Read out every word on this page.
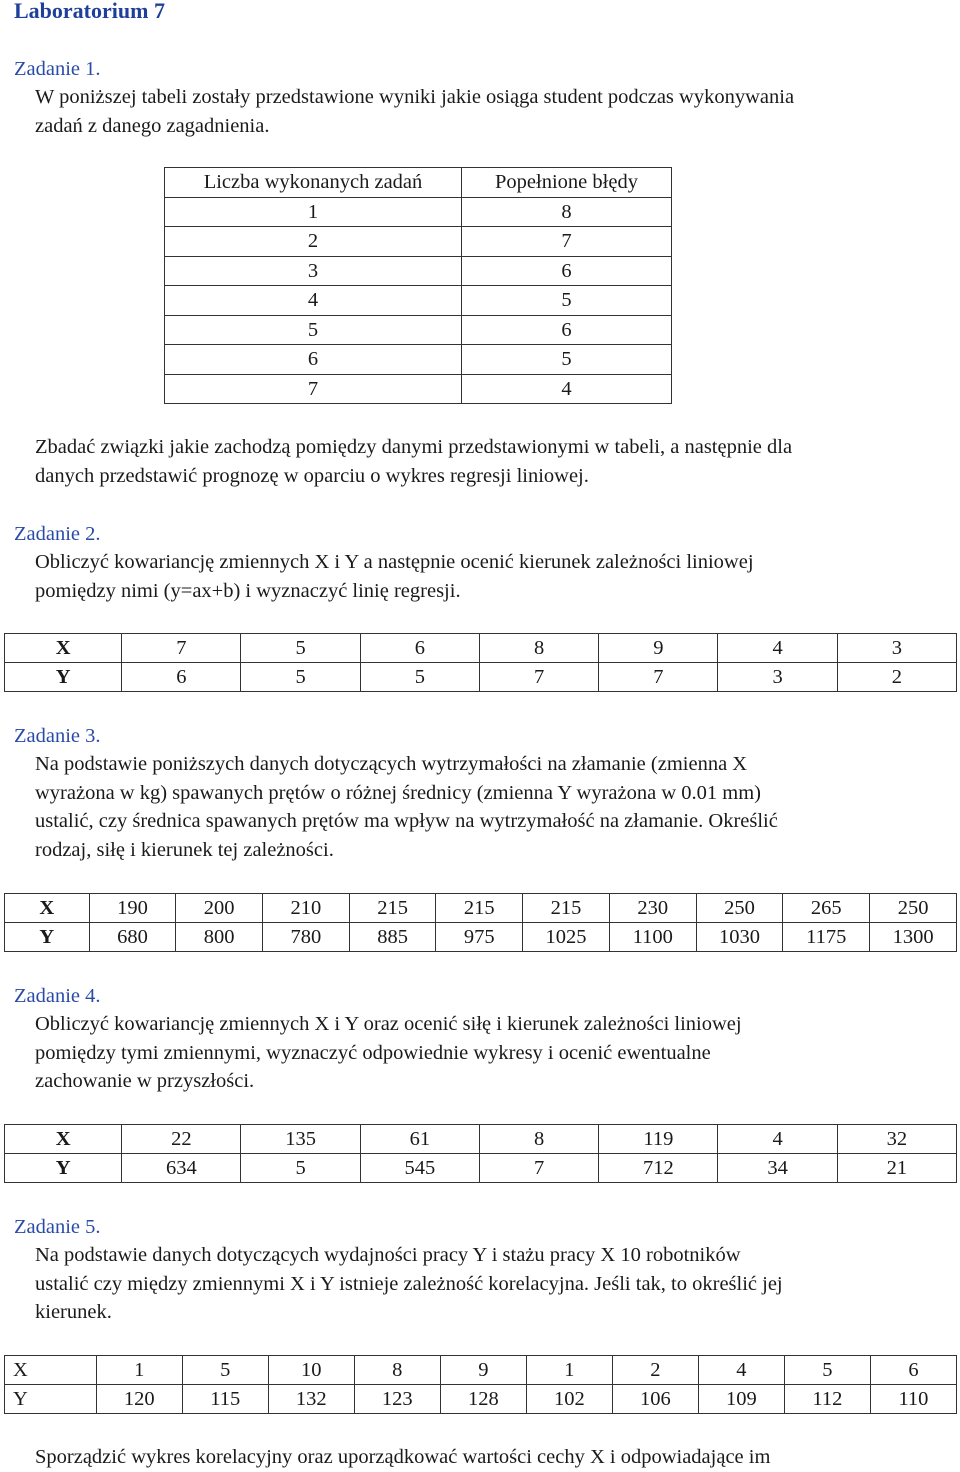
Laboratorium 7
Zadanie 1.
W poniższej tabeli zostały przedstawione wyniki jakie osiąga student podczas wykonywania
zadań z danego zagadnienia.
Liczba wykonanych zadań	Popełnione błędy
1	8
2	7
3	6
4	5
5	6
6	5
7	4
Zbadać związki jakie zachodzą pomiędzy danymi przedstawionymi w tabeli, a następnie dla
danych przedstawić prognozę w oparciu o wykres regresji liniowej.
Zadanie 2.
Obliczyć kowariancję zmiennych X i Y a następnie ocenić kierunek zależności liniowej
pomiędzy nimi (y=ax+b) i wyznaczyć linię regresji.
X	7	5	6	8	9	4	3
Y	6	5	5	7	7	3	2
Zadanie 3.
Na podstawie poniższych danych dotyczących wytrzymałości na złamanie (zmienna X
wyrażona w kg) spawanych prętów o różnej średnicy (zmienna Y wyrażona w 0.01 mm)
ustalić, czy średnica spawanych prętów ma wpływ na wytrzymałość na złamanie. Określić
rodzaj, siłę i kierunek tej zależności.
X	190	200	210	215	215	215	230	250	265	250
Y	680	800	780	885	975	1025	1100	1030	1175	1300
Zadanie 4.
Obliczyć kowariancję zmiennych X i Y oraz ocenić siłę i kierunek zależności liniowej
pomiędzy tymi zmiennymi, wyznaczyć odpowiednie wykresy i ocenić ewentualne
zachowanie w przyszłości.
X	22	135	61	8	119	4	32
Y	634	5	545	7	712	34	21
Zadanie 5.
Na podstawie danych dotyczących wydajności pracy Y i stażu pracy X 10 robotników
ustalić czy między zmiennymi X i Y istnieje zależność korelacyjna. Jeśli tak, to określić jej
kierunek.
X	1	5	10	8	9	1	2	4	5	6
Y	120	115	132	123	128	102	106	109	112	110
Sporządzić wykres korelacyjny oraz uporządkować wartości cechy X i odpowiadające im
